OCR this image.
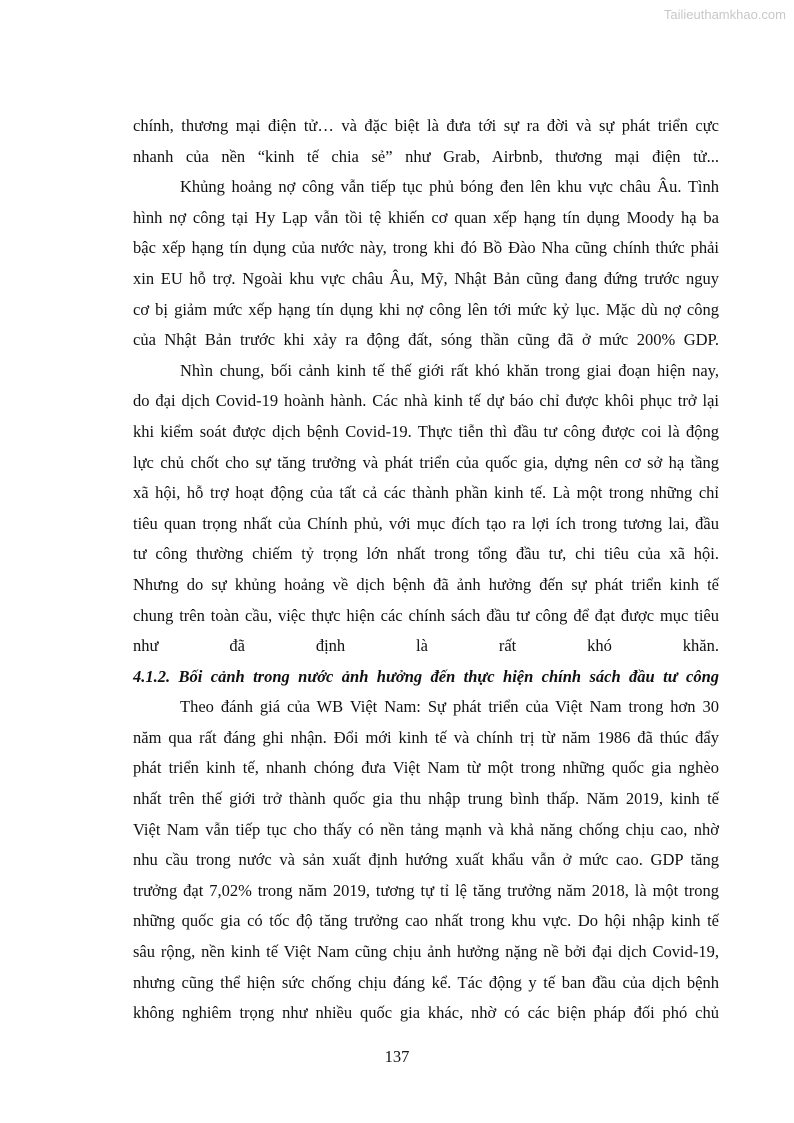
Tailieuthamkhao.com
chính, thương mại điện tử… và đặc biệt là đưa tới sự ra đời và sự phát triển cực
nhanh của nền “kinh tế chia sẻ” như Grab, Airbnb, thương mại điện tử...
Khủng hoảng nợ công vẫn tiếp tục phủ bóng đen lên khu vực châu Âu. Tình
hình nợ công tại Hy Lạp vẫn tồi tệ khiến cơ quan xếp hạng tín dụng Moody hạ ba
bậc xếp hạng tín dụng của nước này, trong khi đó Bồ Đào Nha cũng chính thức phải
xin EU hỗ trợ. Ngoài khu vực châu Âu, Mỹ, Nhật Bản cũng đang đứng trước nguy
cơ bị giảm mức xếp hạng tín dụng khi nợ công lên tới mức kỷ lục. Mặc dù nợ công
của Nhật Bản trước khi xảy ra động đất, sóng thần cũng đã ở mức 200% GDP.
Nhìn chung, bối cảnh kinh tế thế giới rất khó khăn trong giai đoạn hiện nay,
do đại dịch Covid-19 hoành hành. Các nhà kinh tế dự báo chỉ được khôi phục trở lại
khi kiểm soát được dịch bệnh Covid-19. Thực tiễn thì đầu tư công được coi là động
lực chủ chốt cho sự tăng trưởng và phát triển của quốc gia, dựng nên cơ sở hạ tầng
xã hội, hỗ trợ hoạt động của tất cả các thành phần kinh tế. Là một trong những chỉ
tiêu quan trọng nhất của Chính phủ, với mục đích tạo ra lợi ích trong tương lai, đầu
tư công thường chiếm tỷ trọng lớn nhất trong tổng đầu tư, chi tiêu của xã hội.
Nhưng do sự khủng hoảng về dịch bệnh đã ảnh hưởng đến sự phát triển kinh tế
chung trên toàn cầu, việc thực hiện các chính sách đầu tư công để đạt được mục tiêu
như đã định là rất khó khăn.
4.1.2. Bối cảnh trong nước ảnh hưởng đến thực hiện chính sách đầu tư công
Theo đánh giá của WB Việt Nam: Sự phát triển của Việt Nam trong hơn 30
năm qua rất đáng ghi nhận. Đổi mới kinh tế và chính trị từ năm 1986 đã thúc đẩy
phát triển kinh tế, nhanh chóng đưa Việt Nam từ một trong những quốc gia nghèo
nhất trên thế giới trở thành quốc gia thu nhập trung bình thấp. Năm 2019, kinh tế
Việt Nam vẫn tiếp tục cho thấy có nền tảng mạnh và khả năng chống chịu cao, nhờ
nhu cầu trong nước và sản xuất định hướng xuất khẩu vẫn ở mức cao. GDP tăng
trưởng đạt 7,02% trong năm 2019, tương tự tỉ lệ tăng trưởng năm 2018, là một trong
những quốc gia có tốc độ tăng trưởng cao nhất trong khu vực. Do hội nhập kinh tế
sâu rộng, nền kinh tế Việt Nam cũng chịu ảnh hưởng nặng nề bởi đại dịch Covid-19,
nhưng cũng thể hiện sức chống chịu đáng kể. Tác động y tế ban đầu của dịch bệnh
không nghiêm trọng như nhiều quốc gia khác, nhờ có các biện pháp đối phó chủ
137
